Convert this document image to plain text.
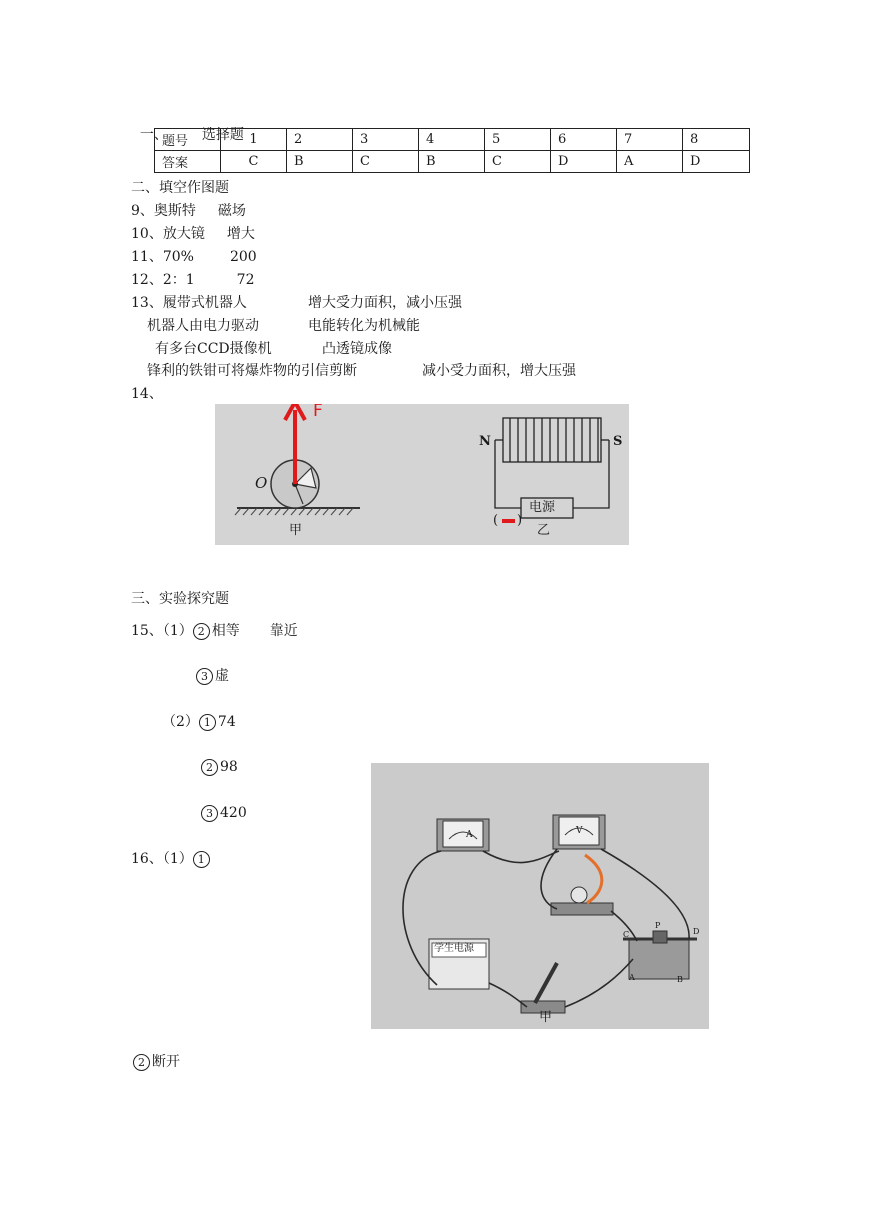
一、 选择题

题号	1	2	3	4	5	6	7	8
答案	C	B	C	B	C	D	A	D
二、填空作图题
9、奥斯特 磁场
10、放大镜 增大
11、70%	200
12、2：1	72
13、履带式机器人	增大受力面积，减小压强
机器人由电力驱动	电能转化为机械能
有多台CCD摄像机	凸透镜成像
锋利的铁钳可将爆炸物的引信剪断	减小受力面积，增大压强
14、
F
O
甲
N	S
电源
( )
乙
三、实验探究题
15、（1） 2 相等 靠近
3 虚
（2） 1 74
2 98
3 420
16、（1） 1
A	V
学生电源
C
P
D
A	B
甲
2 断开
